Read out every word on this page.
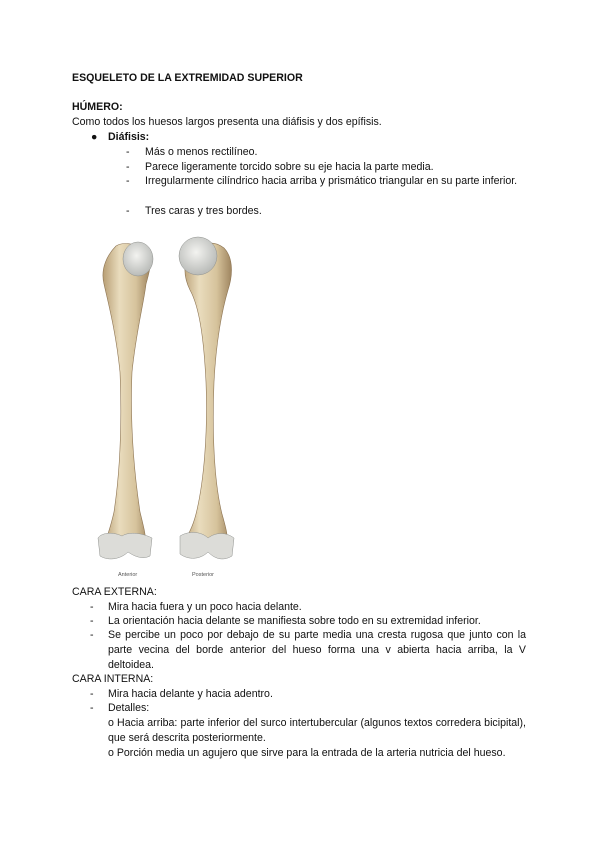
ESQUELETO DE LA EXTREMIDAD SUPERIOR
HÚMERO:
Como todos los huesos largos presenta una diáfisis y dos epífisis.
● Diáfisis:
- Más o menos rectilíneo.
- Parece ligeramente torcido sobre su eje hacia la parte media.
- Irregularmente cilíndrico hacia arriba y prismático triangular en su parte inferior.
- Tres caras y tres bordes.
Anterior	Posterior
CARA EXTERNA:
- Mira hacia fuera y un poco hacia delante.
- La orientación hacia delante se manifiesta sobre todo en su extremidad inferior.
- Se percibe un poco por debajo de su parte media una cresta rugosa que junto con la parte vecina del borde anterior del hueso forma una v abierta hacia arriba, la V deltoidea.
CARA INTERNA:
- Mira hacia delante y hacia adentro.
- Detalles:
o Hacia arriba: parte inferior del surco intertubercular (algunos textos corredera bicipital), que será descrita posteriormente.
o Porción media un agujero que sirve para la entrada de la arteria nutricia del hueso.
